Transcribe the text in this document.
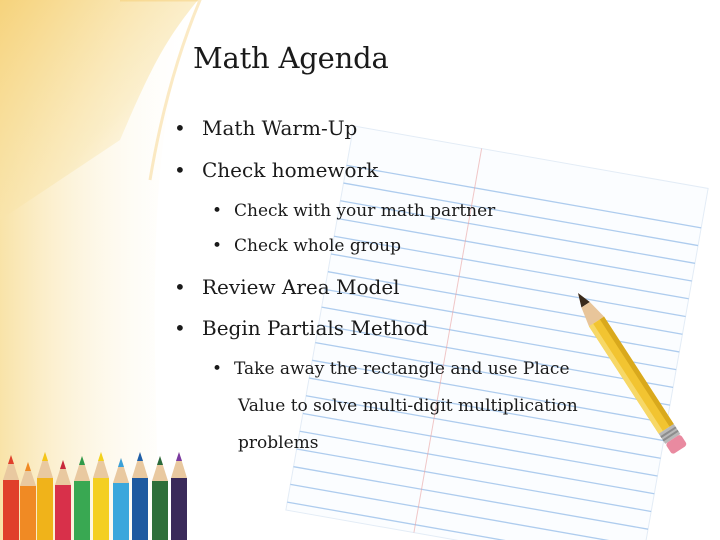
Math Agenda
• Math Warm-Up
• Check homework
• Check with your math partner
• Check whole group
• Review Area Model
• Begin Partials Method
• Take away the rectangle and use Place
Value to solve multi-digit multiplication
problems
